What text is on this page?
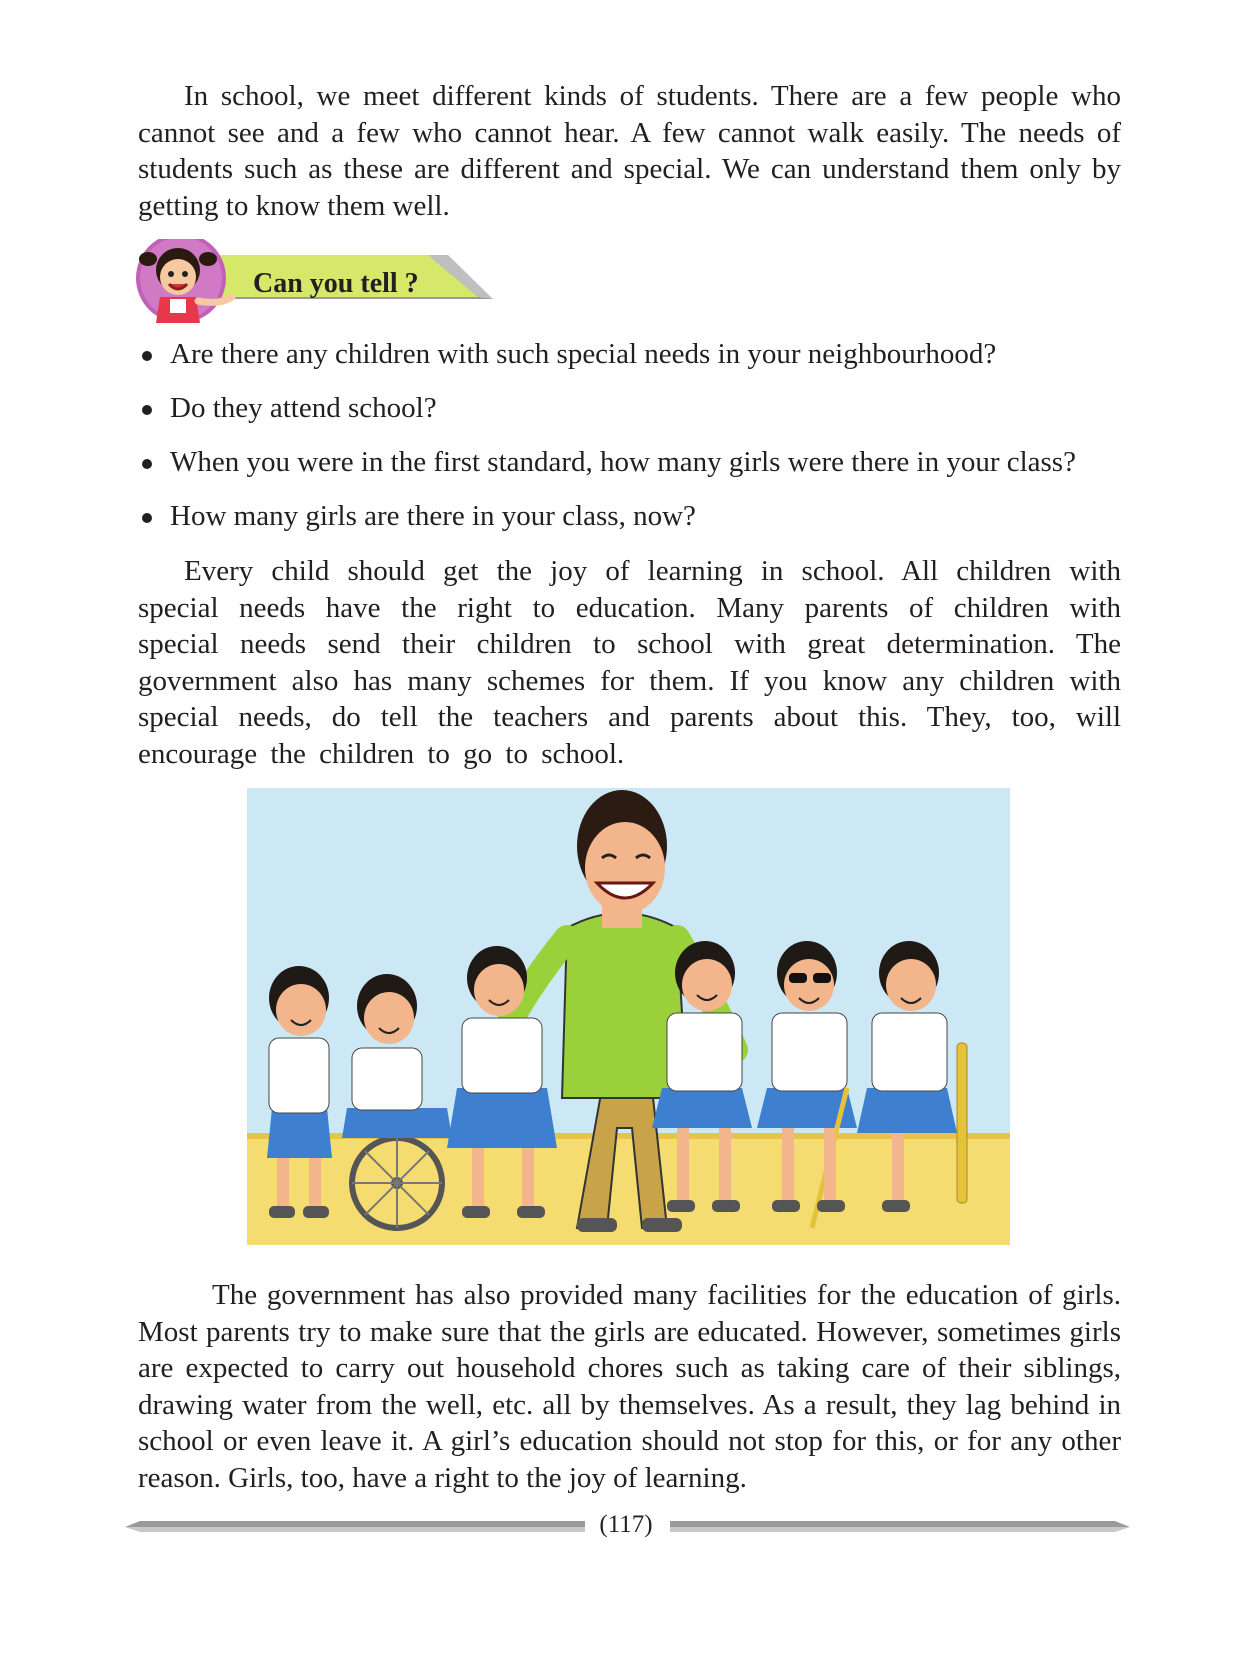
In school, we meet different kinds of students. There are a few people who cannot see and a few who cannot hear. A few cannot walk easily. The needs of students such as these are different and special. We can understand them only by getting to know them well.

Can you tell ?
Are there any children with such special needs in your neighbourhood?
Do they attend school?
When you were in the first standard, how many girls were there in your class?
How many girls are there in your class, now?

Every child should get the joy of learning in school. All children with special needs have the right to education. Many parents of children with special needs send their children to school with great determination. The government also has many schemes for them. If you know any children with special needs, do tell the teachers and parents about this. They, too, will encourage the children to go to school.

The government has also provided many facilities for the education of girls. Most parents try to make sure that the girls are educated. However, sometimes girls are expected to carry out household chores such as taking care of their siblings, drawing water from the well, etc. all by themselves. As a result, they lag behind in school or even leave it. A girl’s education should not stop for this, or for any other reason. Girls, too, have a right to the joy of learning.

(117)
